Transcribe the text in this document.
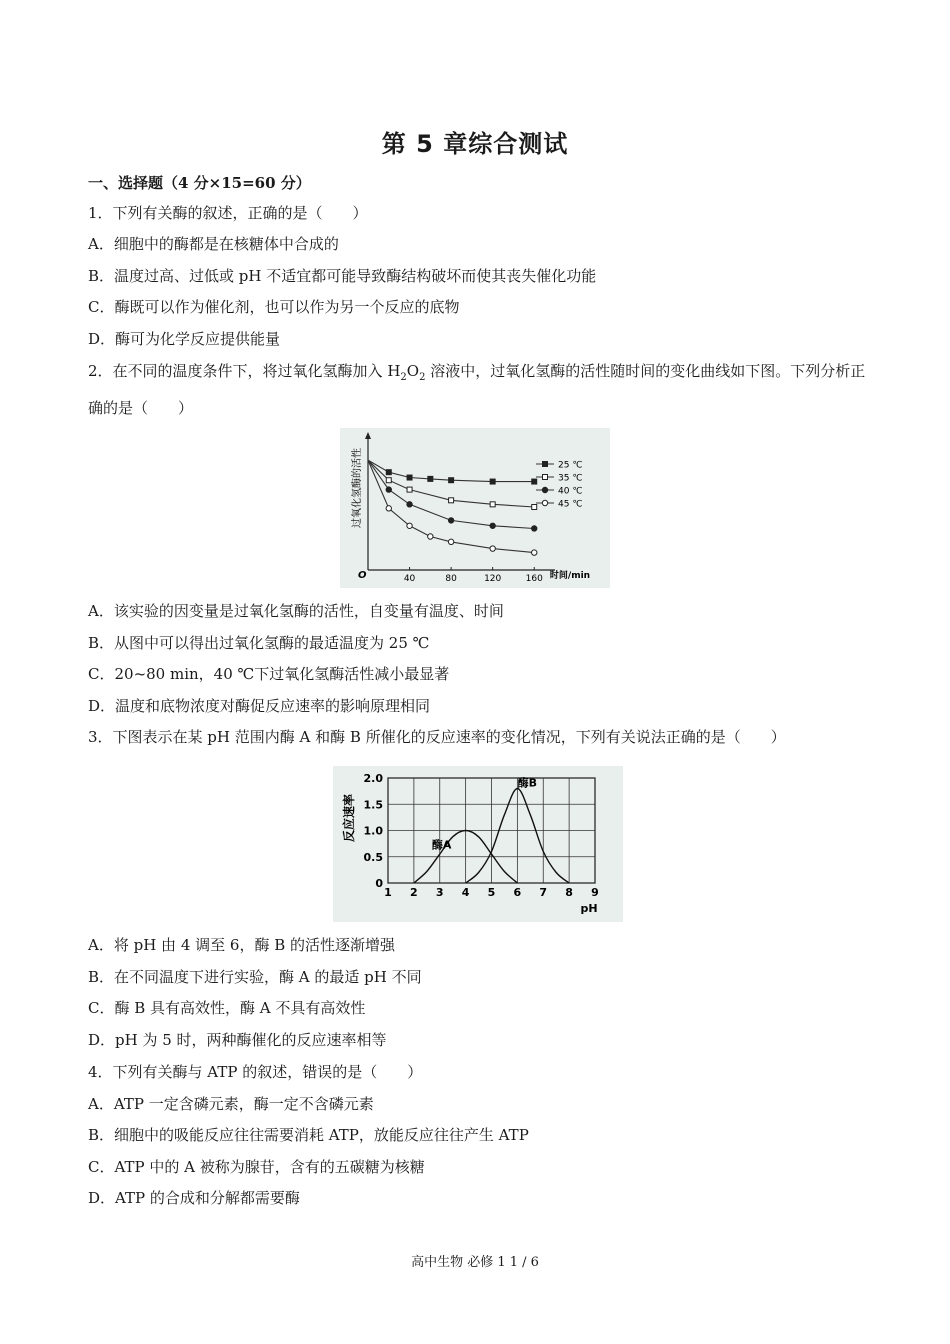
第 5 章综合测试
一、选择题（4 分×15=60 分）
1．下列有关酶的叙述，正确的是（　　）
A．细胞中的酶都是在核糖体中合成的
B．温度过高、过低或 pH 不适宜都可能导致酶结构破坏而使其丧失催化功能
C．酶既可以作为催化剂，也可以作为另一个反应的底物
D．酶可为化学反应提供能量
2．在不同的温度条件下，将过氧化氢酶加入 $H_2O_2$ 溶液中，过氧化氢酶的活性随时间的变化曲线如下图。下列分析正确的是（　　）
过氧化氢酶的活性
O	时间/min
40	80	120	160
25 ℃
35 ℃
40 ℃
45 ℃
A．该实验的因变量是过氧化氢酶的活性，自变量有温度、时间
B．从图中可以得出过氧化氢酶的最适温度为 25 ℃
C．20~80 min，40 ℃下过氧化氢酶活性减小最显著
D．温度和底物浓度对酶促反应速率的影响原理相同
3．下图表示在某 pH 范围内酶 A 和酶 B 所催化的反应速率的变化情况，下列有关说法正确的是（　　）
反应速率
pH
1 2 3 4 5 6 7 8 9
0
0.5
1.0
1.5
2.0
酶A
酶B
A．将 pH 由 4 调至 6，酶 B 的活性逐渐增强
B．在不同温度下进行实验，酶 A 的最适 pH 不同
C．酶 B 具有高效性，酶 A 不具有高效性
D．pH 为 5 时，两种酶催化的反应速率相等
4．下列有关酶与 ATP 的叙述，错误的是（　　）
A．ATP 一定含磷元素，酶一定不含磷元素
B．细胞中的吸能反应往往需要消耗 ATP，放能反应往往产生 ATP
C．ATP 中的 A 被称为腺苷，含有的五碳糖为核糖
D．ATP 的合成和分解都需要酶
高中生物 必修 1 1 / 6
